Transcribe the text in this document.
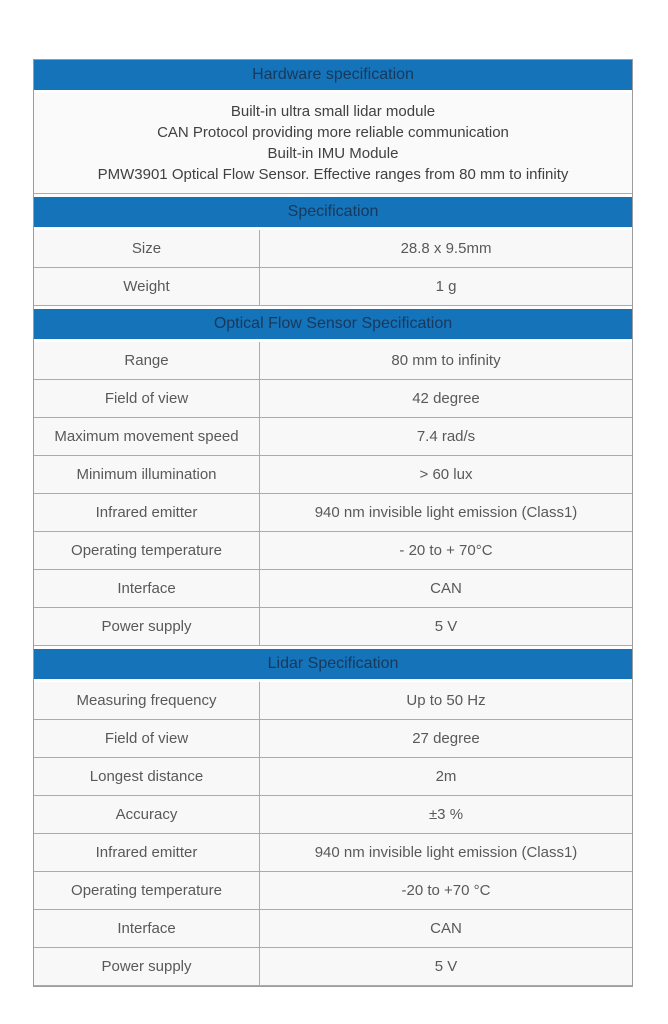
Hardware specification
Built-in ultra small lidar module
CAN Protocol providing more reliable communication
Built-in IMU Module
PMW3901 Optical Flow Sensor. Effective ranges from 80 mm to infinity
Specification
Size	28.8 x 9.5mm
Weight	1 g
Optical Flow Sensor Specification
Range	80 mm to infinity
Field of view	42 degree
Maximum movement speed	7.4 rad/s
Minimum illumination	> 60 lux
Infrared emitter	940 nm invisible light emission (Class1)
Operating temperature	- 20 to + 70°C
Interface	CAN
Power supply	5 V
Lidar Specification
Measuring frequency	Up to 50 Hz
Field of view	27 degree
Longest distance	2m
Accuracy	±3 %
Infrared emitter	940 nm invisible light emission (Class1)
Operating temperature	-20 to +70 °C
Interface	CAN
Power supply	5 V
